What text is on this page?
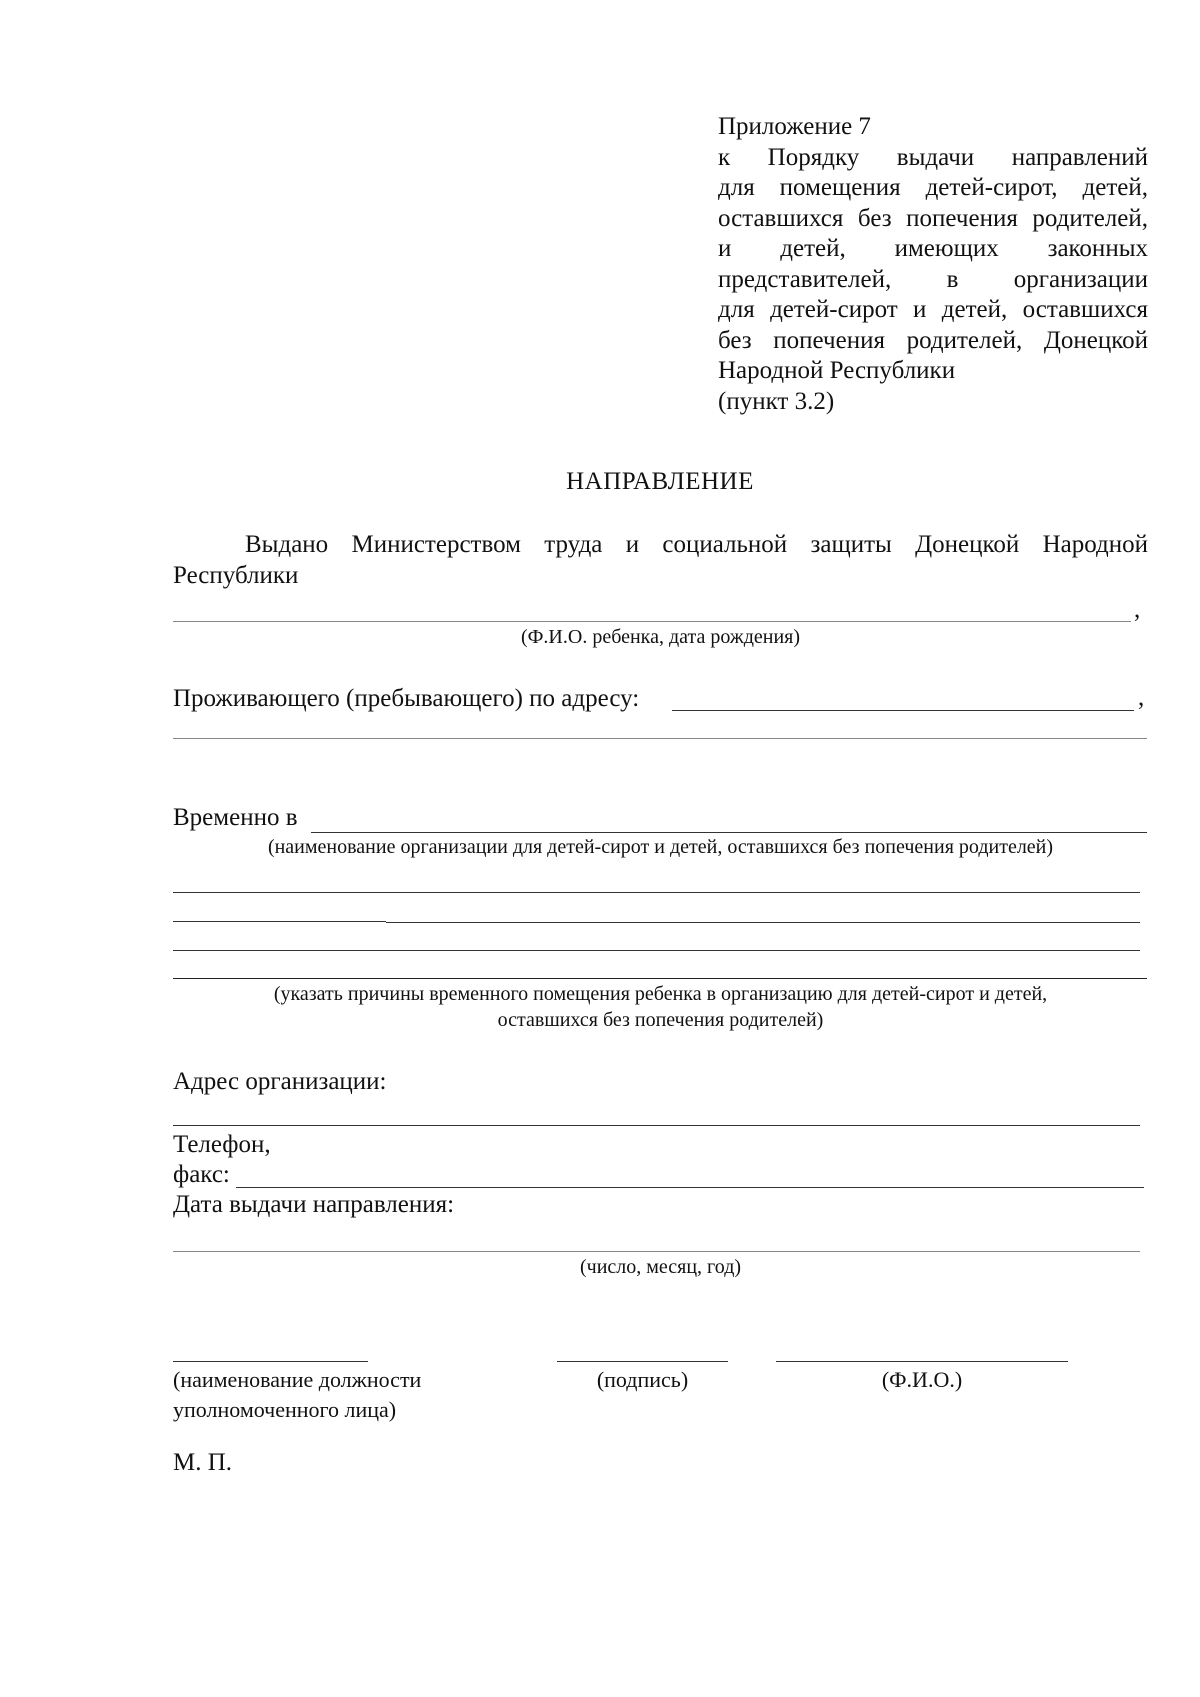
Приложение 7
к Порядку выдачи направлений
для помещения детей-сирот, детей,
оставшихся без попечения родителей,
и детей, имеющих законных
представителей, в организации
для детей-сирот и детей, оставшихся
без попечения родителей, Донецкой
Народной Республики
(пункт 3.2)
НАПРАВЛЕНИЕ
Выдано Министерством труда и социальной защиты Донецкой Народной
Республики
,
(Ф.И.О. ребенка, дата рождения)
Проживающего (пребывающего) по адресу:	,
Временно в
(наименование организации для детей-сирот и детей, оставшихся без попечения родителей)
(указать причины временного помещения ребенка в организацию для детей-сирот и детей,
оставшихся без попечения родителей)
Адрес организации:
Телефон,
факс:
Дата выдачи направления:
(число, месяц, год)
(наименование должности
уполномоченного лица)
(подпись)	(Ф.И.О.)
М. П.
